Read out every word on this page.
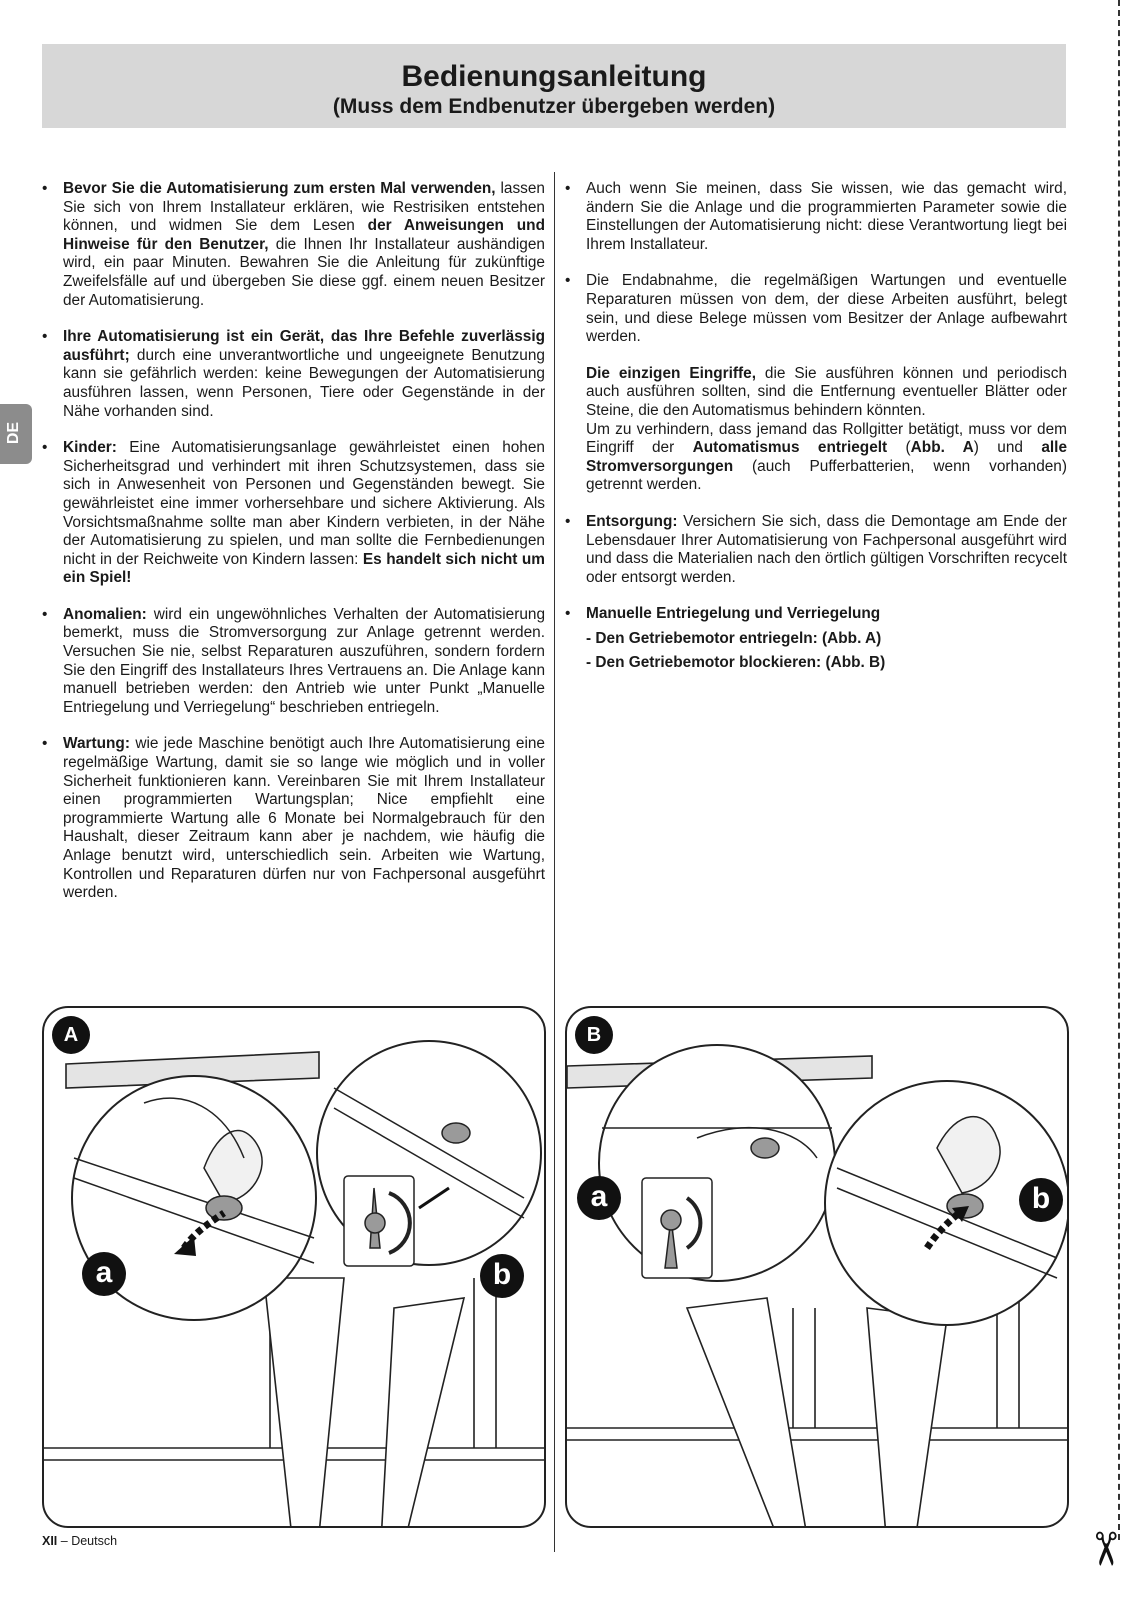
✂
Bedienungsanleitung
(Muss dem Endbenutzer übergeben werden)
DE
• Bevor Sie die Automatisierung zum ersten Mal verwenden, lassen Sie sich von Ihrem Installateur erklären, wie Restrisiken entstehen können, und widmen Sie dem Lesen der Anweisungen und Hinweise für den Benutzer, die Ihnen Ihr Installateur aushändigen wird, ein paar Minuten. Bewahren Sie die Anleitung für zukünftige Zweifelsfälle auf und übergeben Sie diese ggf. einem neuen Besitzer der Automatisierung.
• Ihre Automatisierung ist ein Gerät, das Ihre Befehle zuverlässig ausführt; durch eine unverantwortliche und ungeeignete Benutzung kann sie gefährlich werden: keine Bewegungen der Automatisierung ausführen lassen, wenn Personen, Tiere oder Gegenstände in der Nähe vorhanden sind.
• Kinder: Eine Automatisierungsanlage gewährleistet einen hohen Sicherheitsgrad und verhindert mit ihren Schutzsystemen, dass sie sich in Anwesenheit von Personen und Gegenständen bewegt. Sie gewährleistet eine immer vorhersehbare und sichere Aktivierung. Als Vorsichtsmaßnahme sollte man aber Kindern verbieten, in der Nähe der Automatisierung zu spielen, und man sollte die Fernbedienungen nicht in der Reichweite von Kindern lassen: Es handelt sich nicht um ein Spiel!
• Anomalien: wird ein ungewöhnliches Verhalten der Automatisierung bemerkt, muss die Stromversorgung zur Anlage getrennt werden. Versuchen Sie nie, selbst Reparaturen auszuführen, sondern fordern Sie den Eingriff des Installateurs Ihres Vertrauens an. Die Anlage kann manuell betrieben werden: den Antrieb wie unter Punkt „Manuelle Entriegelung und Verriegelung“ beschrieben entriegeln.
• Wartung: wie jede Maschine benötigt auch Ihre Automatisierung eine regelmäßige Wartung, damit sie so lange wie möglich und in voller Sicherheit funktionieren kann. Vereinbaren Sie mit Ihrem Installateur einen programmierten Wartungsplan; Nice empfiehlt eine programmierte Wartung alle 6 Monate bei Normalgebrauch für den Haushalt, dieser Zeitraum kann aber je nachdem, wie häufig die Anlage benutzt wird, unterschiedlich sein. Arbeiten wie Wartung, Kontrollen und Reparaturen dürfen nur von Fachpersonal ausgeführt werden.
• Auch wenn Sie meinen, dass Sie wissen, wie das gemacht wird, ändern Sie die Anlage und die programmierten Parameter sowie die Einstellungen der Automatisierung nicht: diese Verantwortung liegt bei Ihrem Installateur.
• Die Endabnahme, die regelmäßigen Wartungen und eventuelle Reparaturen müssen von dem, der diese Arbeiten ausführt, belegt sein, und diese Belege müssen vom Besitzer der Anlage aufbewahrt werden.
Die einzigen Eingriffe, die Sie ausführen können und periodisch auch ausführen sollten, sind die Entfernung eventueller Blätter oder Steine, die den Automatismus behindern könnten.
Um zu verhindern, dass jemand das Rollgitter betätigt, muss vor dem Eingriff der Automatismus entriegelt (Abb. A) und alle Stromversorgungen (auch Pufferbatterien, wenn vorhanden) getrennt werden.
• Entsorgung: Versichern Sie sich, dass die Demontage am Ende der Lebensdauer Ihrer Automatisierung von Fachpersonal ausgeführt wird und dass die Materialien nach den örtlich gültigen Vorschriften recycelt oder entsorgt werden.
• Manuelle Entriegelung und Verriegelung
- Den Getriebemotor entriegeln: (Abb. A)
- Den Getriebemotor blockieren: (Abb. B)
A
a	b
B
a	b
XII – Deutsch
